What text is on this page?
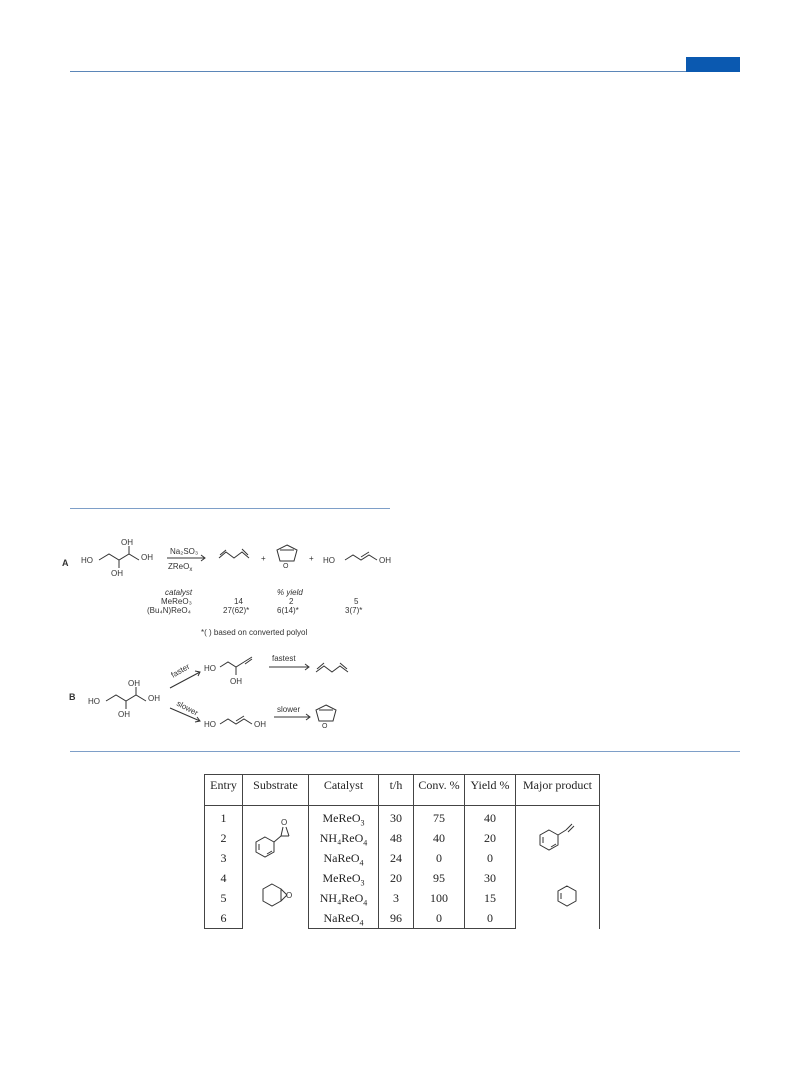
A HO
OH
OH
OH
Na₂SO₃
ZReO$_x$
+
O
+ HO	OH
catalyst	% yield
MeReO₃	14	2	5
(Bu₄N)ReO₄	27(62)*	6(14)*	3(7)*
*( ) based on converted polyol
B HO
OH
OH
OH
faster
slower
HO
OH
fastest
HO	OH
slower
O
Entry	Substrate	Catalyst	t/h	Conv. %	Yield %	Major product
1	O	MeReO$_3$	30	75	40	
2		NH₄ReO$_4$	48	40	20	
3		NaReO$_4$	24	0	0	
4	O	MeReO$_3$	20	95	30	
5		NH₄ReO$_4$	3	100	15	
6		NaReO$_4$	96	0	0	
